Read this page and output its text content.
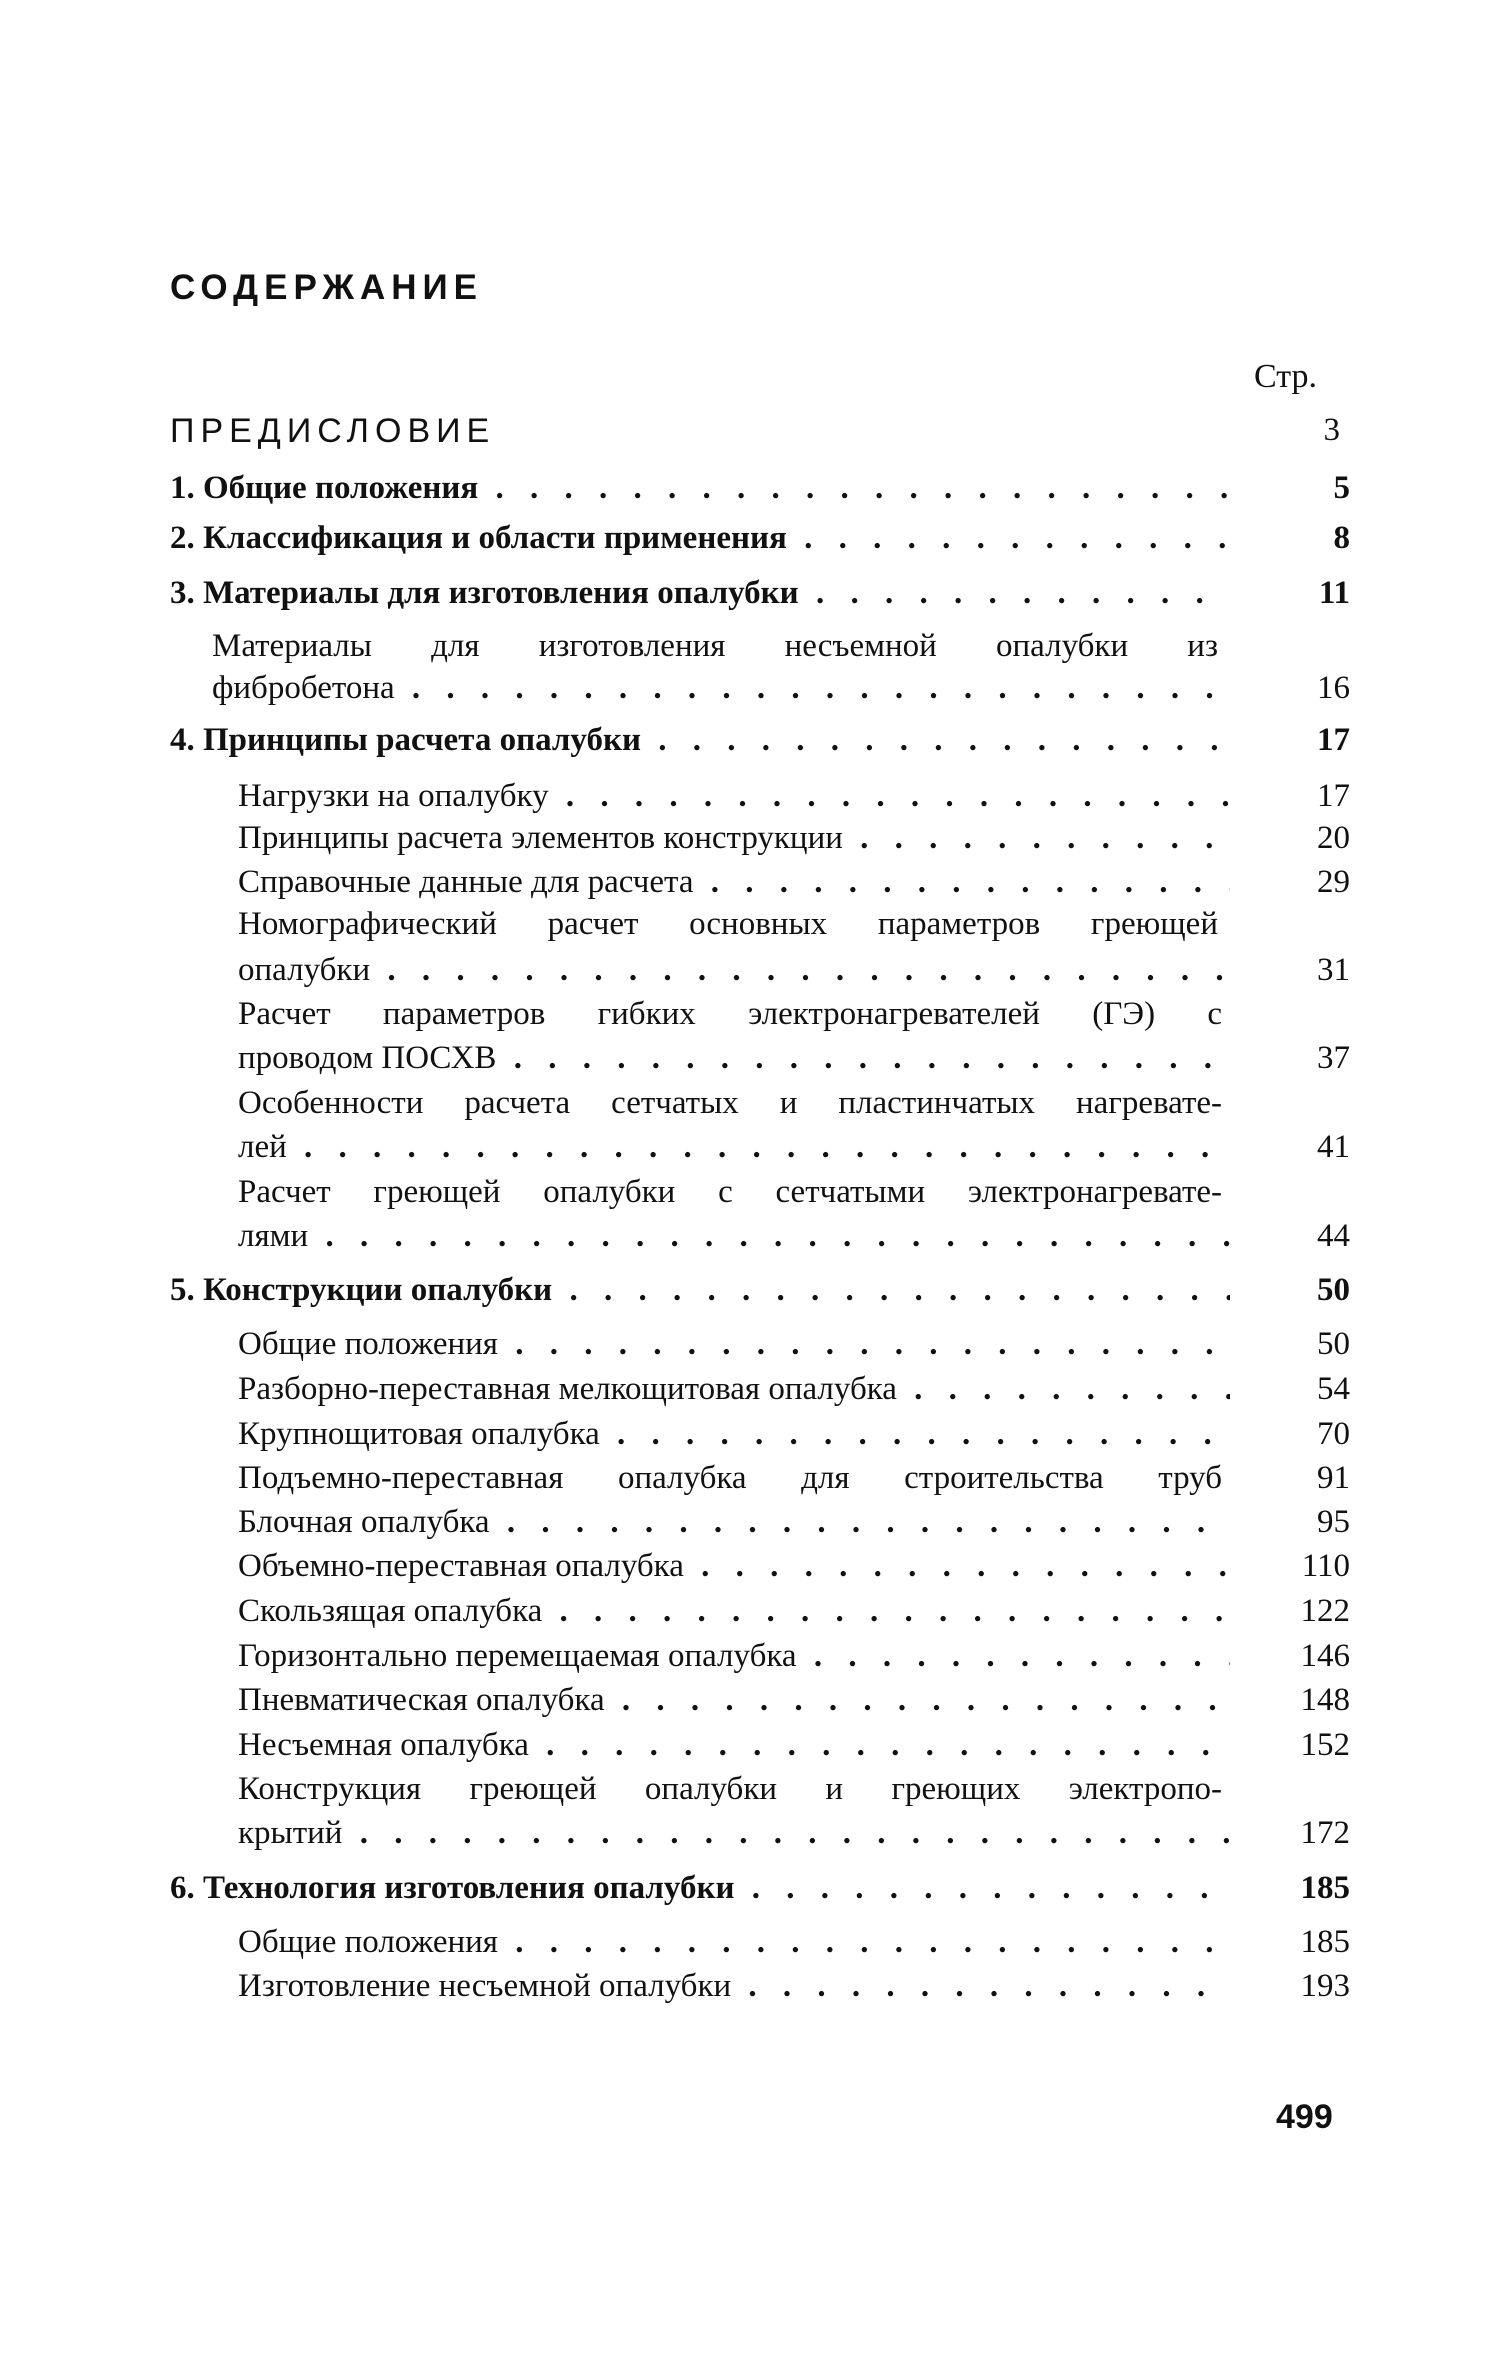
СОДЕРЖАНИЕ
Стр.
ПРЕДИСЛОВИЕ	3
1. Общие положения . . .	5
2. Классификация и области применения . . .	8
3. Материалы для изготовления опалубки . . .	11
Материалы для изготовления несъемной опалубки из
фибробетона . . .	16
4. Принципы расчета опалубки . . .	17
Нагрузки на опалубку . . .	17
Принципы расчета элементов конструкции . . .	20
Справочные данные для расчета . . .	29
Номографический расчет основных параметров греющей
опалубки . . .	31
Расчет параметров гибких электронагревателей (ГЭ) с
проводом ПОСХВ . . .	37
Особенности расчета сетчатых и пластинчатых нагревате-
лей . . .	41
Расчет греющей опалубки с сетчатыми электронагревате-
лями . . .	44
5. Конструкции опалубки . . .	50
Общие положения . . .	50
Разборно-переставная мелкощитовая опалубка . . .	54
Крупнощитовая опалубка . . .	70
Подъемно-переставная опалубка для строительства труб	91
Блочная опалубка . . .	95
Объемно-переставная опалубка . . .	110
Скользящая опалубка . . .	122
Горизонтально перемещаемая опалубка . . .	146
Пневматическая опалубка . . .	148
Несъемная опалубка . . .	152
Конструкция греющей опалубки и греющих электропо-
крытий . . .	172
6. Технология изготовления опалубки . . .	185
Общие положения . . .	185
Изготовление несъемной опалубки . . .	193
499
